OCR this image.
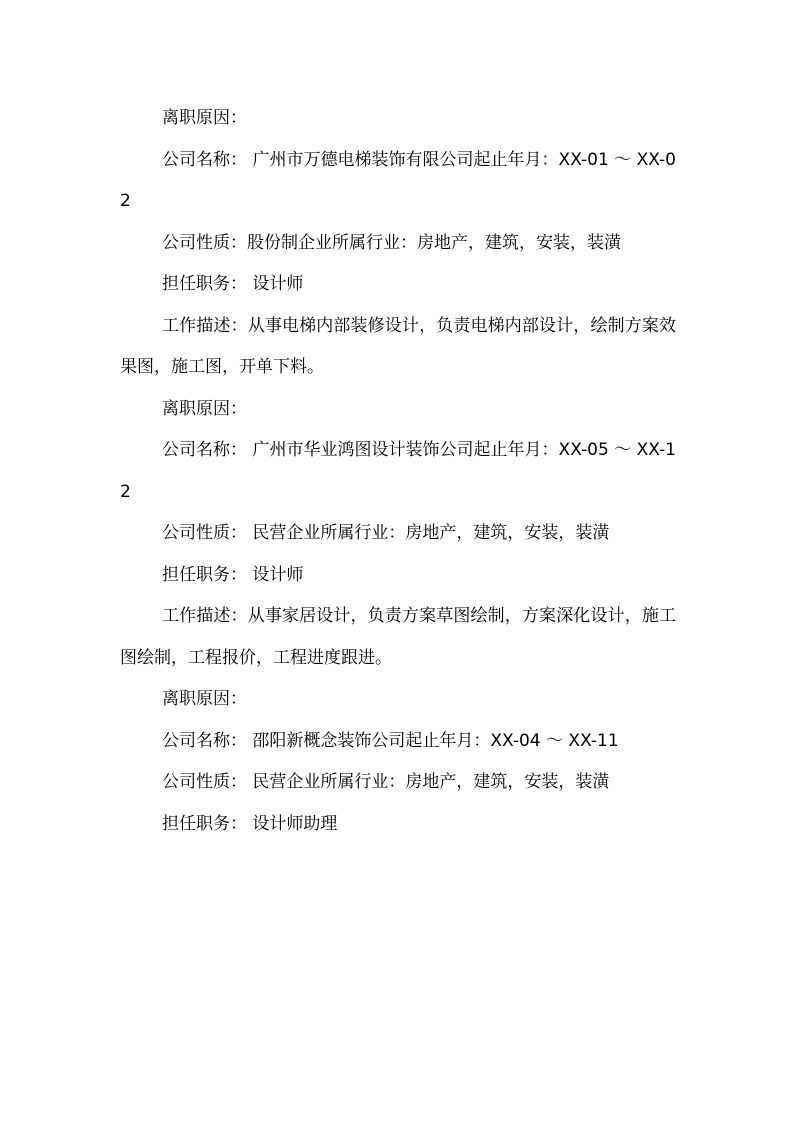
离职原因：

公司名称： 广州市万德电梯装饰有限公司起止年月：XX-01 ～ XX-02

公司性质：股份制企业所属行业：房地产，建筑，安装，装潢

担任职务： 设计师

工作描述：从事电梯内部装修设计，负责电梯内部设计，绘制方案效果图，施工图，开单下料。

离职原因：

公司名称： 广州市华业鸿图设计装饰公司起止年月：XX-05 ～ XX-12

公司性质： 民营企业所属行业：房地产，建筑，安装，装潢

担任职务： 设计师

工作描述：从事家居设计，负责方案草图绘制，方案深化设计，施工图绘制，工程报价，工程进度跟进。

离职原因：

公司名称： 邵阳新概念装饰公司起止年月：XX-04 ～ XX-11

公司性质： 民营企业所属行业：房地产，建筑，安装，装潢

担任职务： 设计师助理
